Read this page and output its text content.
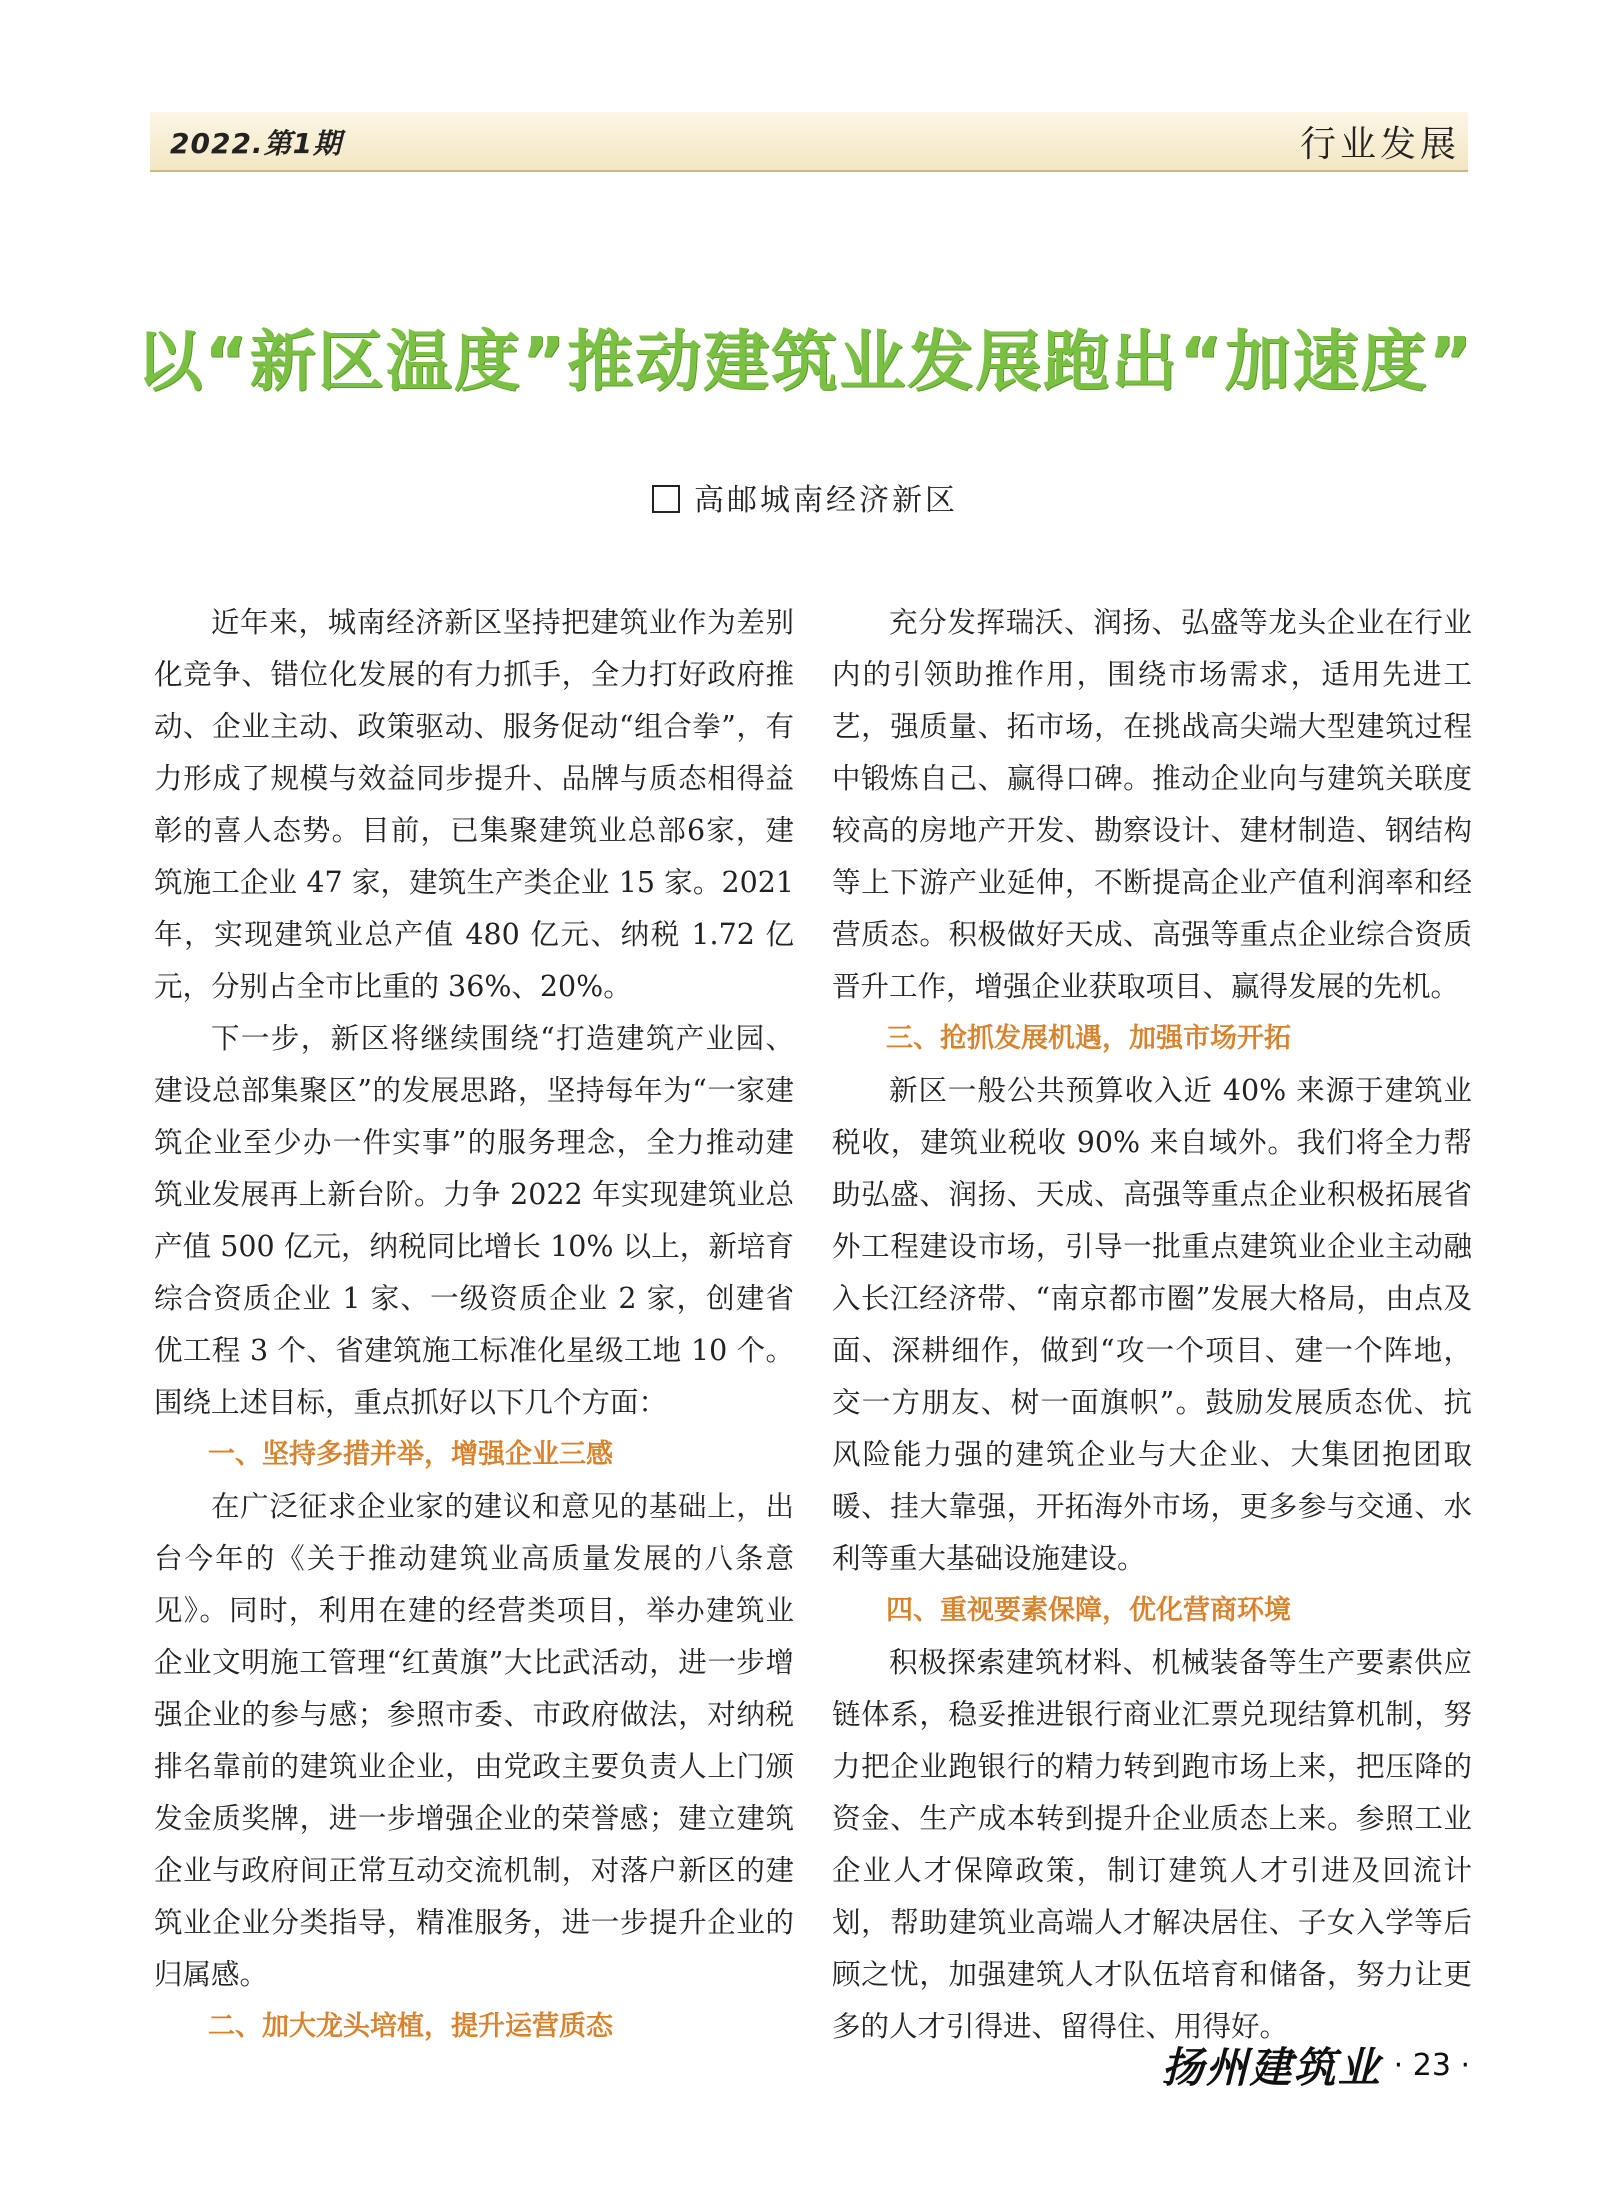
2022.第1期	行业发展
以“新区温度”推动建筑业发展跑出“加速度”
高邮城南经济新区

近年来，城南经济新区坚持把建筑业作为差别化竞争、错位化发展的有力抓手，全力打好政府推动、企业主动、政策驱动、服务促动“组合拳”，有力形成了规模与效益同步提升、品牌与质态相得益彰的喜人态势。目前，已集聚建筑业总部6家，建筑施工企业 47 家，建筑生产类企业 15 家。2021年，实现建筑业总产值 480 亿元、纳税 1.72 亿元，分别占全市比重的 36%、20%。

下一步，新区将继续围绕“打造建筑产业园、建设总部集聚区”的发展思路，坚持每年为“一家建筑企业至少办一件实事”的服务理念，全力推动建筑业发展再上新台阶。力争 2022 年实现建筑业总产值 500 亿元，纳税同比增长 10% 以上，新培育综合资质企业 1 家、一级资质企业 2 家，创建省优工程 3 个、省建筑施工标准化星级工地 10 个。围绕上述目标，重点抓好以下几个方面：

一、坚持多措并举，增强企业三感

在广泛征求企业家的建议和意见的基础上，出台今年的《关于推动建筑业高质量发展的八条意见》。同时，利用在建的经营类项目，举办建筑业企业文明施工管理“红黄旗”大比武活动，进一步增强企业的参与感；参照市委、市政府做法，对纳税排名靠前的建筑业企业，由党政主要负责人上门颁发金质奖牌，进一步增强企业的荣誉感；建立建筑企业与政府间正常互动交流机制，对落户新区的建筑业企业分类指导，精准服务，进一步提升企业的归属感。

二、加大龙头培植，提升运营质态

充分发挥瑞沃、润扬、弘盛等龙头企业在行业内的引领助推作用，围绕市场需求，适用先进工艺，强质量、拓市场，在挑战高尖端大型建筑过程中锻炼自己、赢得口碑。推动企业向与建筑关联度较高的房地产开发、勘察设计、建材制造、钢结构等上下游产业延伸，不断提高企业产值利润率和经营质态。积极做好天成、高强等重点企业综合资质晋升工作，增强企业获取项目、赢得发展的先机。

三、抢抓发展机遇，加强市场开拓

新区一般公共预算收入近 40% 来源于建筑业税收，建筑业税收 90% 来自域外。我们将全力帮助弘盛、润扬、天成、高强等重点企业积极拓展省外工程建设市场，引导一批重点建筑业企业主动融入长江经济带、“南京都市圈”发展大格局，由点及面、深耕细作，做到“攻一个项目、建一个阵地，交一方朋友、树一面旗帜”。鼓励发展质态优、抗风险能力强的建筑企业与大企业、大集团抱团取暖、挂大靠强，开拓海外市场，更多参与交通、水利等重大基础设施建设。

四、重视要素保障，优化营商环境

积极探索建筑材料、机械装备等生产要素供应链体系，稳妥推进银行商业汇票兑现结算机制，努力把企业跑银行的精力转到跑市场上来，把压降的资金、生产成本转到提升企业质态上来。参照工业企业人才保障政策，制订建筑人才引进及回流计划，帮助建筑业高端人才解决居住、子女入学等后顾之忧，加强建筑人才队伍培育和储备，努力让更多的人才引得进、留得住、用得好。

扬州建筑业 · 23 ·
